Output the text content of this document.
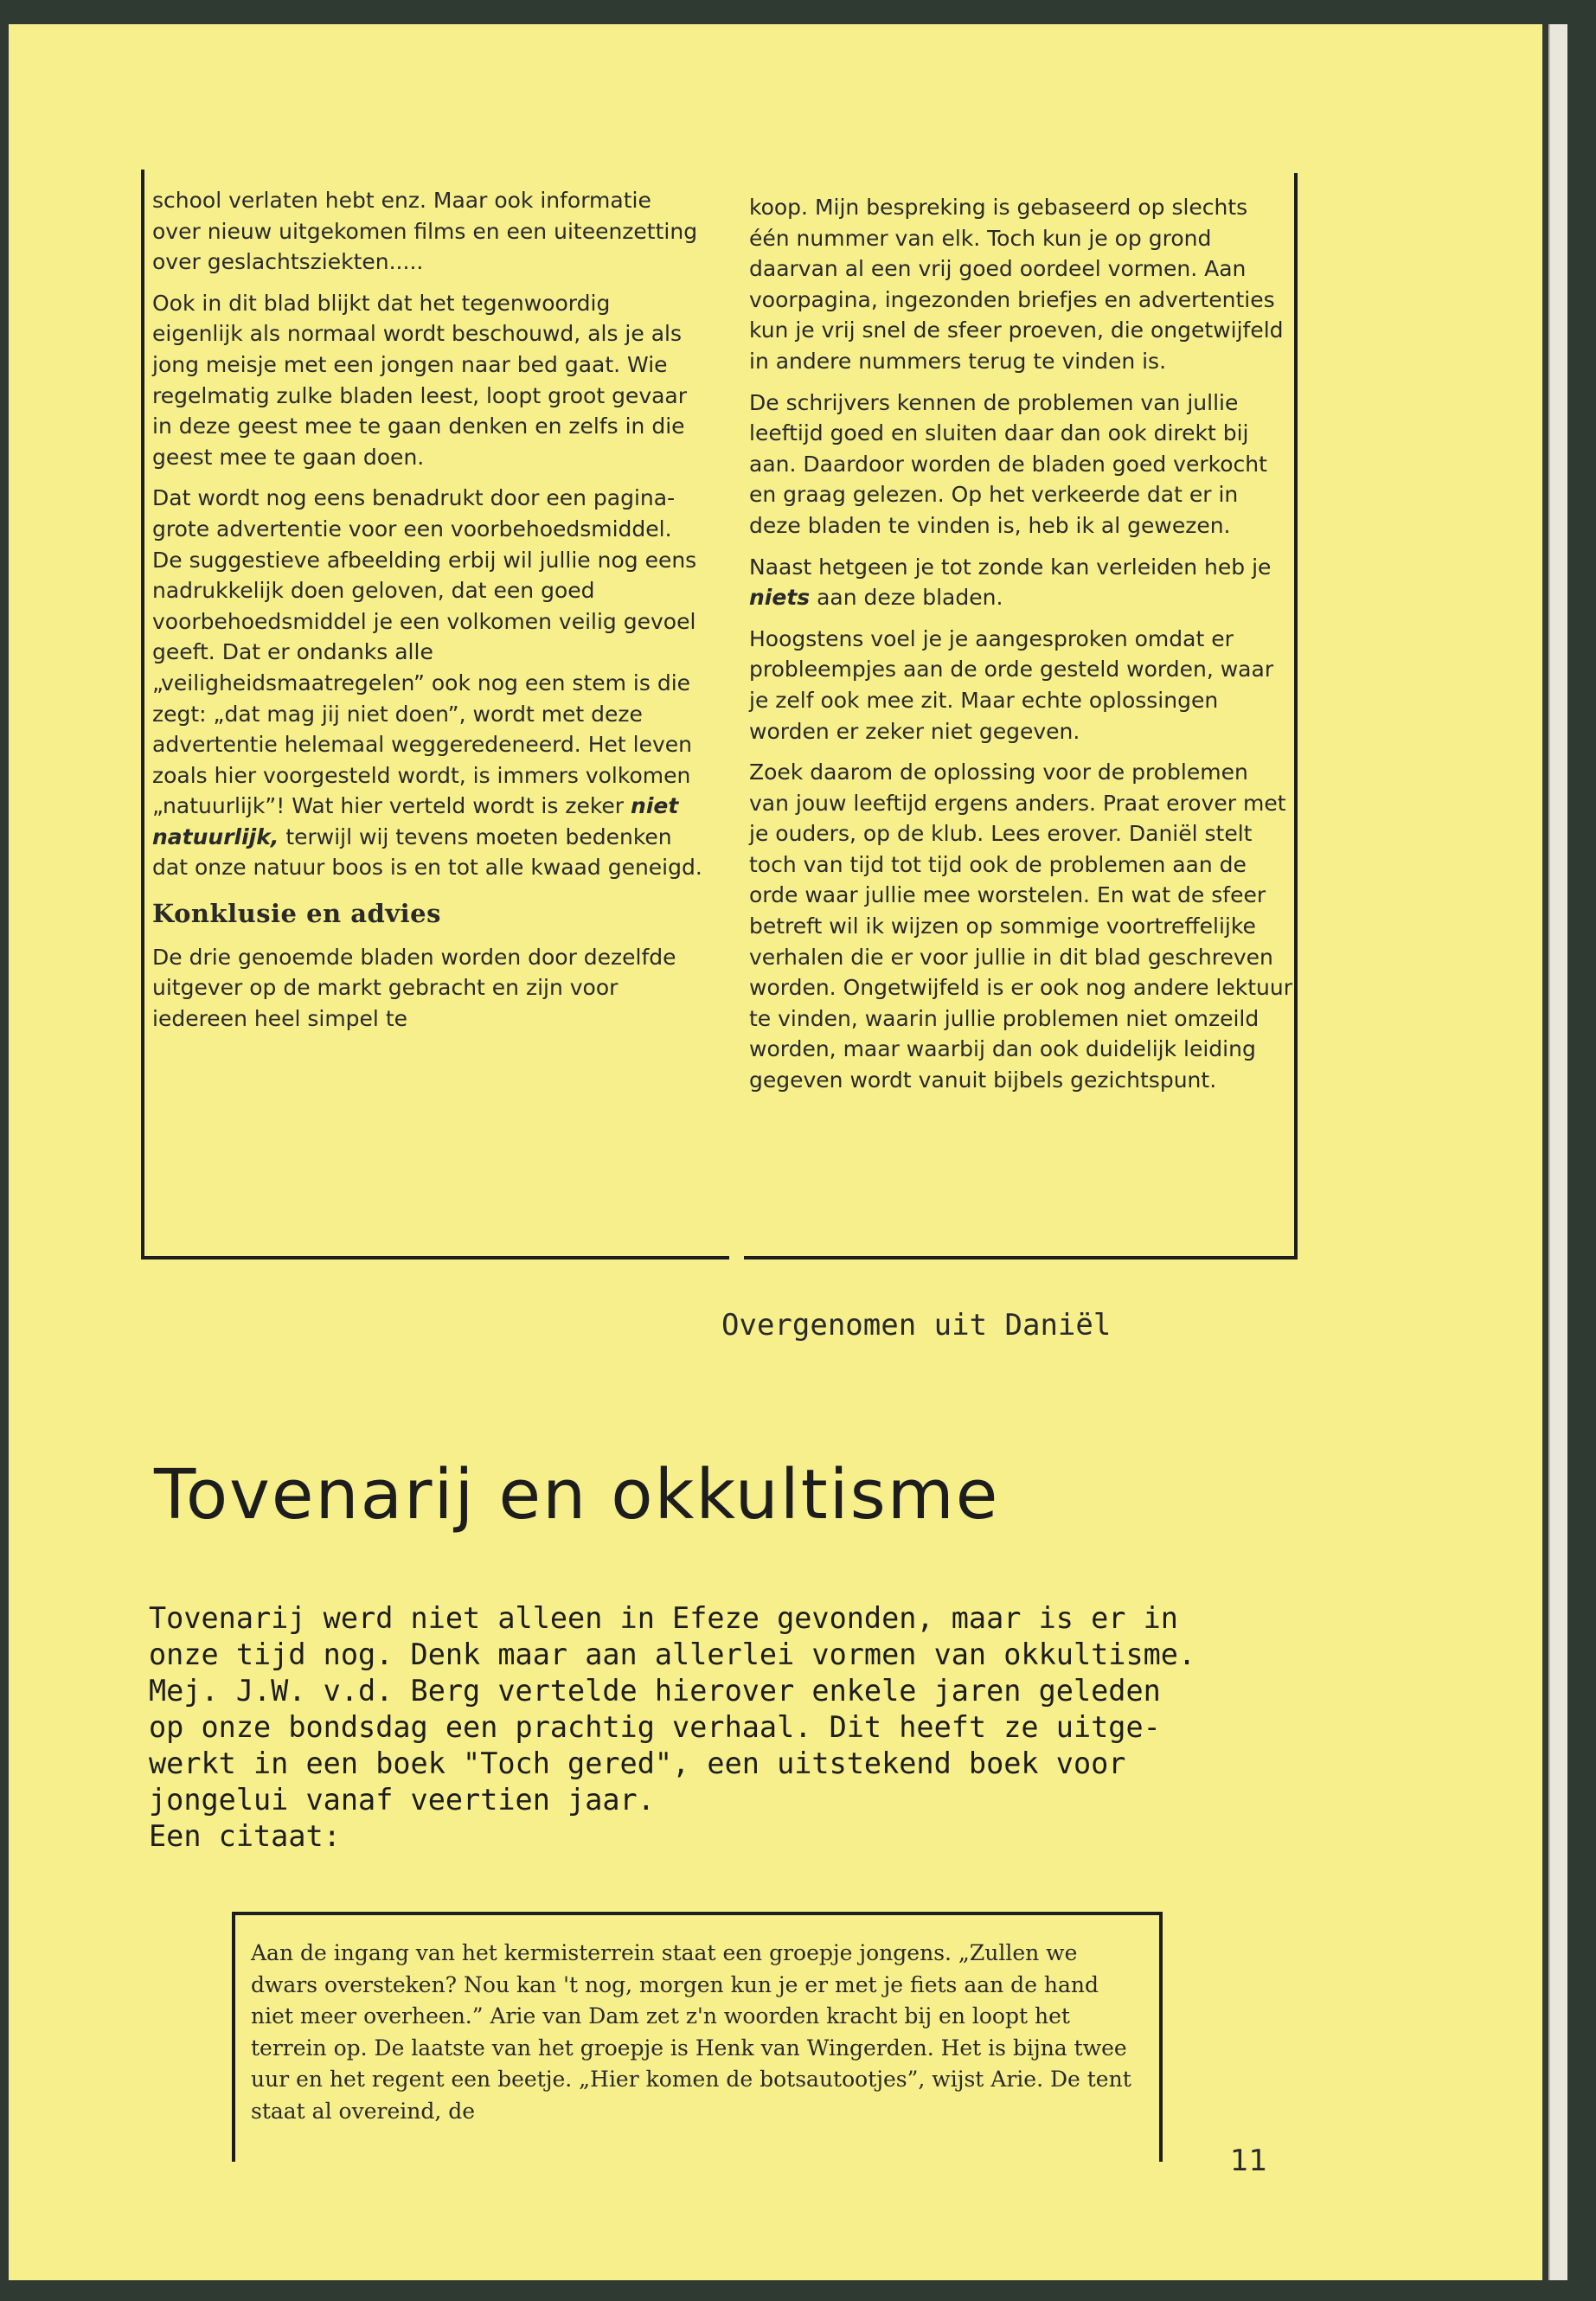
school verlaten hebt enz. Maar ook informatie over nieuw uitgekomen films en een uiteenzetting over geslachtsziekten.....

Ook in dit blad blijkt dat het tegenwoordig eigenlijk als normaal wordt beschouwd, als je als jong meisje met een jongen naar bed gaat. Wie regelmatig zulke bladen leest, loopt groot gevaar in deze geest mee te gaan denken en zelfs in die geest mee te gaan doen.

Dat wordt nog eens benadrukt door een pagina-grote advertentie voor een voorbehoedsmiddel. De suggestieve afbeelding erbij wil jullie nog eens nadrukkelijk doen geloven, dat een goed voorbehoedsmiddel je een volkomen veilig gevoel geeft. Dat er ondanks alle „veiligheidsmaatregelen” ook nog een stem is die zegt: „dat mag jij niet doen”, wordt met deze advertentie helemaal weggeredeneerd. Het leven zoals hier voorgesteld wordt, is immers volkomen „natuurlijk”! Wat hier verteld wordt is zeker niet natuurlijk, terwijl wij tevens moeten bedenken dat onze natuur boos is en tot alle kwaad geneigd.

Konklusie en advies

De drie genoemde bladen worden door dezelfde uitgever op de markt gebracht en zijn voor iedereen heel simpel te

koop. Mijn bespreking is gebaseerd op slechts één nummer van elk. Toch kun je op grond daarvan al een vrij goed oordeel vormen. Aan voorpagina, ingezonden briefjes en advertenties kun je vrij snel de sfeer proeven, die ongetwijfeld in andere nummers terug te vinden is.

De schrijvers kennen de problemen van jullie leeftijd goed en sluiten daar dan ook direkt bij aan. Daardoor worden de bladen goed verkocht en graag gelezen. Op het verkeerde dat er in deze bladen te vinden is, heb ik al gewezen.

Naast hetgeen je tot zonde kan verleiden heb je niets aan deze bladen.

Hoogstens voel je je aangesproken omdat er probleempjes aan de orde gesteld worden, waar je zelf ook mee zit. Maar echte oplossingen worden er zeker niet gegeven.

Zoek daarom de oplossing voor de problemen van jouw leeftijd ergens anders. Praat erover met je ouders, op de klub. Lees erover. Daniël stelt toch van tijd tot tijd ook de problemen aan de orde waar jullie mee worstelen. En wat de sfeer betreft wil ik wijzen op sommige voortreffelijke verhalen die er voor jullie in dit blad geschreven worden. Ongetwijfeld is er ook nog andere lektuur te vinden, waarin jullie problemen niet omzeild worden, maar waarbij dan ook duidelijk leiding gegeven wordt vanuit bijbels gezichtspunt.

Overgenomen uit Daniël
Tovenarij en okkultisme
Tovenarij werd niet alleen in Efeze gevonden, maar is er in
onze tijd nog. Denk maar aan allerlei vormen van okkultisme.
Mej. J.W. v.d. Berg vertelde hierover enkele jaren geleden
op onze bondsdag een prachtig verhaal. Dit heeft ze uitge-
werkt in een boek "Toch gered", een uitstekend boek voor
jongelui vanaf veertien jaar.
Een citaat:
Aan de ingang van het kermisterrein staat een groepje jongens. „Zullen we dwars oversteken? Nou kan 't nog, morgen kun je er met je fiets aan de hand niet meer overheen.” Arie van Dam zet z'n woorden kracht bij en loopt het terrein op. De laatste van het groepje is Henk van Wingerden. Het is bijna twee uur en het regent een beetje. „Hier komen de botsautootjes”, wijst Arie. De tent staat al overeind, de
11
